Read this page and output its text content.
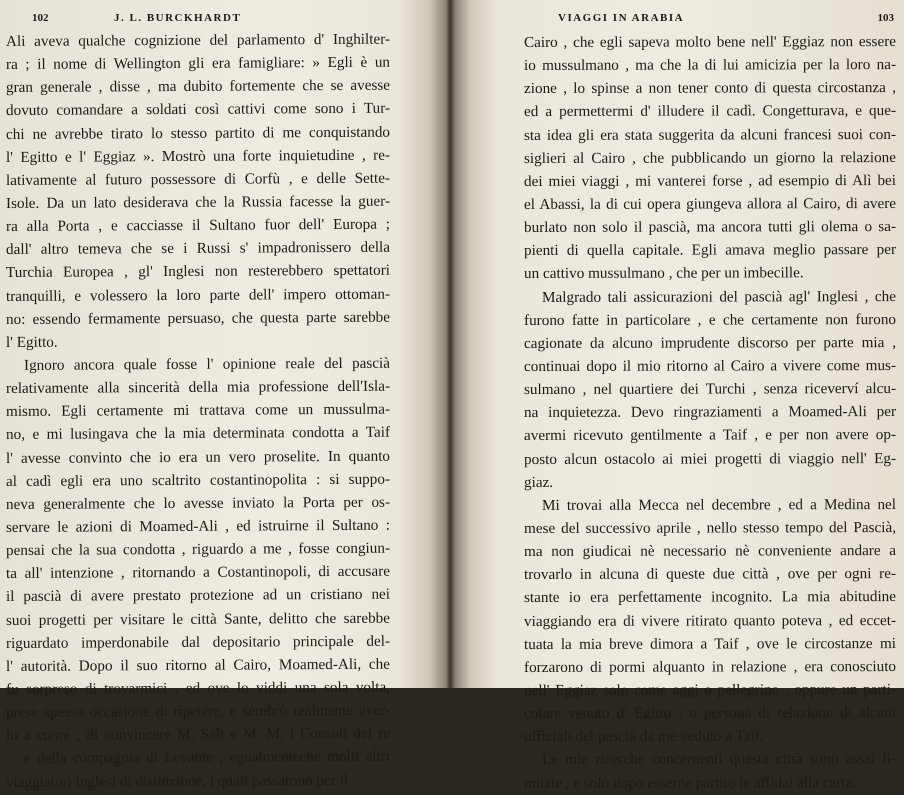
102	J. L. BURCKHARDT
Ali aveva qualche cognizione del parlamento d' Inghilter-
ra ; il nome di Wellington gli era famigliare: » Egli è un
gran generale , disse , ma dubito fortemente che se avesse
dovuto comandare a soldati così cattivi come sono i Tur-
chi ne avrebbe tirato lo stesso partito di me conquistando
l' Egitto e l' Eggiaz ». Mostrò una forte inquietudine , re-
lativamente al futuro possessore di Corfù , e delle Sette-
Isole. Da un lato desiderava che la Russia facesse la guer-
ra alla Porta , e cacciasse il Sultano fuor dell' Europa ;
dall' altro temeva che se i Russi s' impadronissero della
Turchia Europea , gl' Inglesi non resterebbero spettatori
tranquilli, e volessero la loro parte dell' impero ottoman-
no: essendo fermamente persuaso, che questa parte sarebbe
l' Egitto.
Ignoro ancora quale fosse l' opinione reale del pascià
relativamente alla sincerità della mia professione dell'Isla-
mismo. Egli certamente mi trattava come un mussulma-
no, e mi lusingava che la mia determinata condotta a Taif
l' avesse convinto che io era un vero proselite. In quanto
al cadì egli era uno scaltrito costantinopolita : si suppo-
neva generalmente che lo avesse inviato la Porta per os-
servare le azioni di Moamed-Ali , ed istruirne il Sultano :
pensai che la sua condotta , riguardo a me , fosse congiun-
ta all' intenzione , ritornando a Costantinopoli, di accusare
il pascià di avere prestato protezione ad un cristiano nei
suoi progetti per visitare le città Sante, delitto che sarebbe
riguardato imperdonabile dal depositario principale del-
l' autorità. Dopo il suo ritorno al Cairo, Moamed-Ali, che
fu sorpreso di trovarmici , ed ove lo viddi una sola volta,
prese spesso occasione di ripetere, e sembrò realmente aver-
lo a cuore , di convincere M. Salt e M. M. i Consoli del re
e della compagnia di Levante , egualmentechè molti altri
viaggiatori inglesi di distinzione, i quali passarono per il
VIAGGI IN ARABIA	103
Cairo , che egli sapeva molto bene nell' Eggiaz non essere
io mussulmano , ma che la di lui amicizia per la loro na-
zione , lo spinse a non tener conto di questa circostanza ,
ed a permettermi d' illudere il cadì. Congetturava, e que-
sta idea gli era stata suggerita da alcuni francesi suoi con-
siglieri al Cairo , che pubblicando un giorno la relazione
dei miei viaggi , mi vanterei forse , ad esempio di Alì bei
el Abassi, la di cui opera giungeva allora al Cairo, di avere
burlato non solo il pascià, ma ancora tutti gli olema o sa-
pienti di quella capitale. Egli amava meglio passare per
un cattivo mussulmano , che per un imbecille.
Malgrado tali assicurazioni del pascià agl' Inglesi , che
furono fatte in particolare , e che certamente non furono
cagionate da alcuno imprudente discorso per parte mia ,
continuai dopo il mio ritorno al Cairo a vivere come mus-
sulmano , nel quartiere dei Turchi , senza riceverví alcu-
na inquietezza. Devo ringraziamenti a Moamed-Ali per
avermi ricevuto gentilmente a Taif , e per non avere op-
posto alcun ostacolo ai miei progetti di viaggio nell' Eg-
giaz.
Mi trovai alla Mecca nel decembre , ed a Medina nel
mese del successivo aprile , nello stesso tempo del Pascià,
ma non giudicai nè necessario nè conveniente andare a
trovarlo in alcuna di queste due città , ove per ogni re-
stante io era perfettamente incognito. La mia abitudine
viaggiando era di vivere ritirato quanto poteva , ed eccet-
tuata la mia breve dimora a Taif , ove le circostanze mi
forzarono di pormi alquanto in relazione , era conosciuto
nell' Eggiaz solo come aggi o pellegrino , oppure un parti-
colare venuto d' Egitto , o persona di relazione di alcuni
uffiziali del pascià da me veduto a Taif.
Le mie ricerche concernenti questa città sono assai li-
mitate , e solo dopo esserne partito le affidai alla carta.
